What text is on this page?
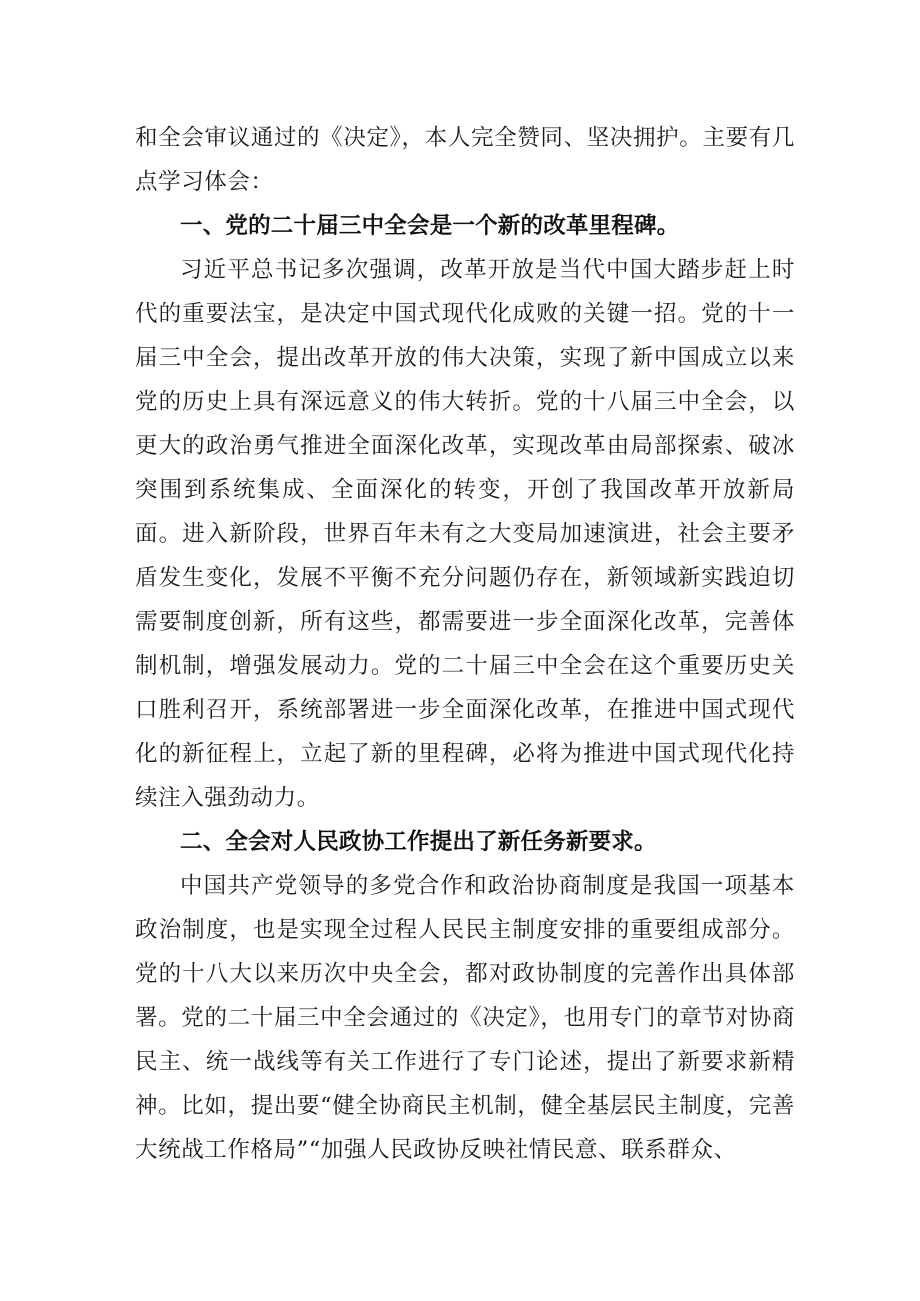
和全会审议通过的《决定》，本人完全赞同、坚决拥护。主要有几点学习体会：

一、党的二十届三中全会是一个新的改革里程碑。

习近平总书记多次强调，改革开放是当代中国大踏步赶上时代的重要法宝，是决定中国式现代化成败的关键一招。党的十一届三中全会，提出改革开放的伟大决策，实现了新中国成立以来党的历史上具有深远意义的伟大转折。党的十八届三中全会，以更大的政治勇气推进全面深化改革，实现改革由局部探索、破冰突围到系统集成、全面深化的转变，开创了我国改革开放新局面。进入新阶段，世界百年未有之大变局加速演进，社会主要矛盾发生变化，发展不平衡不充分问题仍存在，新领域新实践迫切需要制度创新，所有这些，都需要进一步全面深化改革，完善体制机制，增强发展动力。党的二十届三中全会在这个重要历史关口胜利召开，系统部署进一步全面深化改革，在推进中国式现代化的新征程上，立起了新的里程碑，必将为推进中国式现代化持续注入强劲动力。

二、全会对人民政协工作提出了新任务新要求。

中国共产党领导的多党合作和政治协商制度是我国一项基本政治制度，也是实现全过程人民民主制度安排的重要组成部分。党的十八大以来历次中央全会，都对政协制度的完善作出具体部署。党的二十届三中全会通过的《决定》，也用专门的章节对协商民主、统一战线等有关工作进行了专门论述，提出了新要求新精神。比如，提出要“健全协商民主机制，健全基层民主制度，完善大统战工作格局”“加强人民政协反映社情民意、联系群众、
